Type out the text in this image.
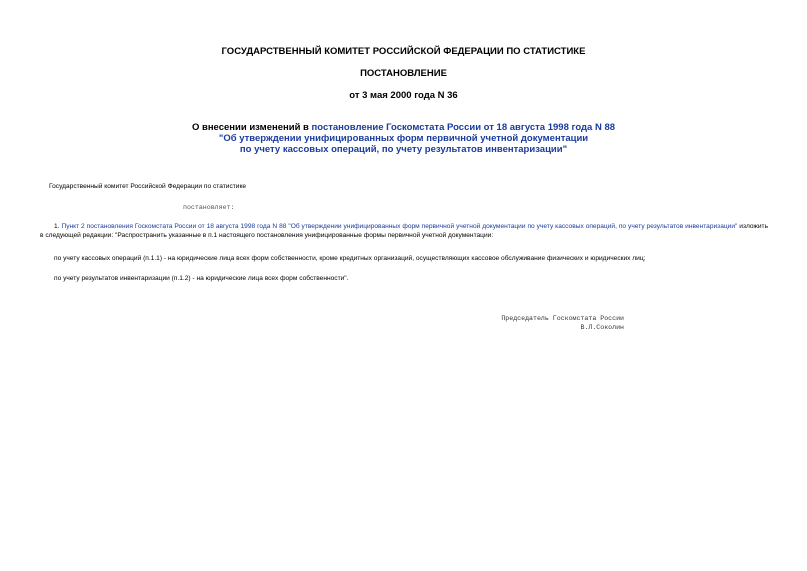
ГОСУДАРСТВЕННЫЙ КОМИТЕТ РОССИЙСКОЙ ФЕДЕРАЦИИ ПО СТАТИСТИКЕ
ПОСТАНОВЛЕНИЕ
от 3 мая 2000 года N 36
О внесении изменений в постановление Госкомстата России от 18 августа 1998 года N 88
"Об утверждении унифицированных форм первичной учетной документации
по учету кассовых операций, по учету результатов инвентаризации"
Государственный комитет Российской Федерации по статистике
постановляет:
1. Пункт 2 постановления Госкомстата России от 18 августа 1998 года N 88 "Об утверждении унифицированных форм первичной учетной документации по учету кассовых операций, по учету результатов инвентаризации" изложить в следующей редакции: "Распространить указанные в п.1 настоящего постановления унифицированные формы первичной учетной документации:
по учету кассовых операций (п.1.1) - на юридические лица всех форм собственности, кроме кредитных организаций, осуществляющих кассовое обслуживание физических и юридических лиц;
по учету результатов инвентаризации (п.1.2) - на юридические лица всех форм собственности".
Председатель Госкомстата России
В.Л.Соколин
